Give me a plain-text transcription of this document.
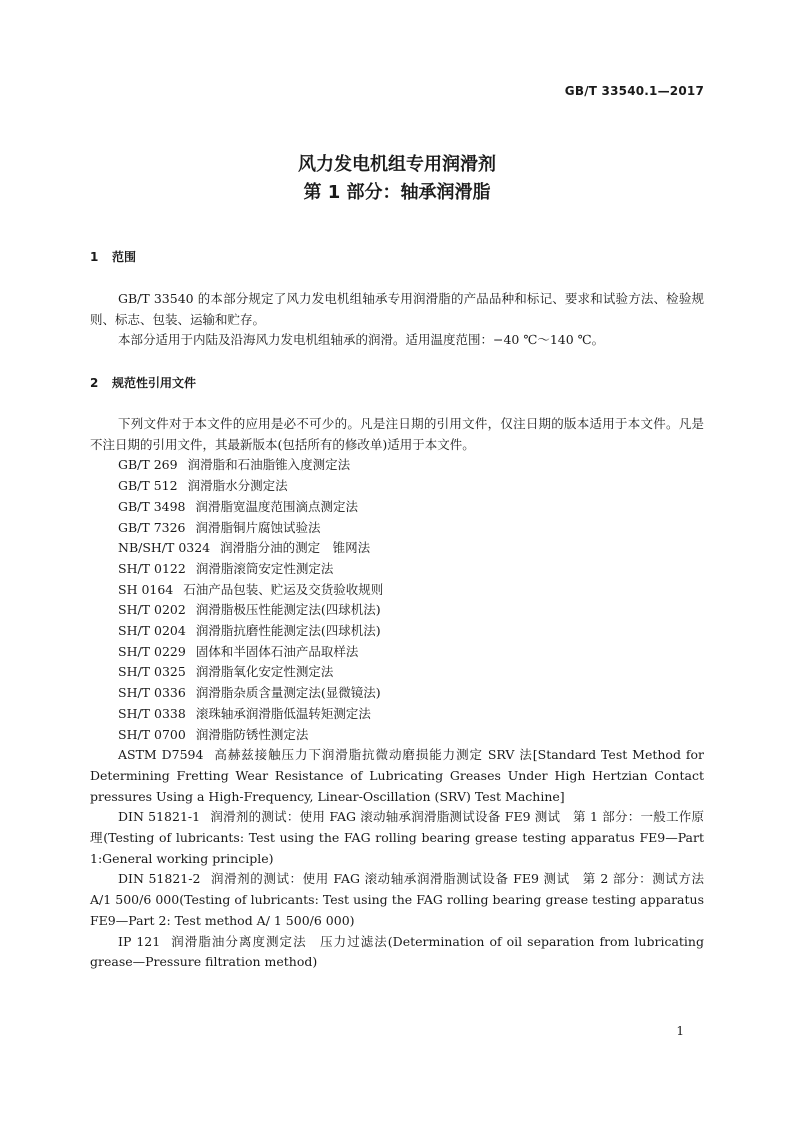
GB/T 33540.1—2017
风力发电机组专用润滑剂
第 1 部分：轴承润滑脂
1 范围

GB/T 33540 的本部分规定了风力发电机组轴承专用润滑脂的产品品种和标记、要求和试验方法、检验规则、标志、包装、运输和贮存。

本部分适用于内陆及沿海风力发电机组轴承的润滑。适用温度范围：−40 ℃～140 ℃。

2 规范性引用文件

下列文件对于本文件的应用是必不可少的。凡是注日期的引用文件，仅注日期的版本适用于本文件。凡是不注日期的引用文件，其最新版本(包括所有的修改单)适用于本文件。

GB/T 269 润滑脂和石油脂锥入度测定法

GB/T 512 润滑脂水分测定法

GB/T 3498 润滑脂宽温度范围滴点测定法

GB/T 7326 润滑脂铜片腐蚀试验法

NB/SH/T 0324 润滑脂分油的测定　锥网法

SH/T 0122 润滑脂滚筒安定性测定法

SH 0164 石油产品包装、贮运及交货验收规则

SH/T 0202 润滑脂极压性能测定法(四球机法)

SH/T 0204 润滑脂抗磨性能测定法(四球机法)

SH/T 0229 固体和半固体石油产品取样法

SH/T 0325 润滑脂氧化安定性测定法

SH/T 0336 润滑脂杂质含量测定法(显微镜法)

SH/T 0338 滚珠轴承润滑脂低温转矩测定法

SH/T 0700 润滑脂防锈性测定法

ASTM D7594 高赫兹接触压力下润滑脂抗微动磨损能力测定 SRV 法[Standard Test Method for Determining Fretting Wear Resistance of Lubricating Greases Under High Hertzian Contact pressures Using a High-Frequency, Linear-Oscillation (SRV) Test Machine]

DIN 51821-1 润滑剂的测试：使用 FAG 滚动轴承润滑脂测试设备 FE9 测试　第 1 部分：一般工作原理(Testing of lubricants: Test using the FAG rolling bearing grease testing apparatus FE9—Part 1:General working principle)

DIN 51821-2 润滑剂的测试：使用 FAG 滚动轴承润滑脂测试设备 FE9 测试　第 2 部分：测试方法 A/1 500/6 000(Testing of lubricants: Test using the FAG rolling bearing grease testing apparatus FE9—Part 2: Test method A/ 1 500/6 000)

IP 121 润滑脂油分离度测定法　压力过滤法(Determination of oil separation from lubricating grease—Pressure filtration method)

1
